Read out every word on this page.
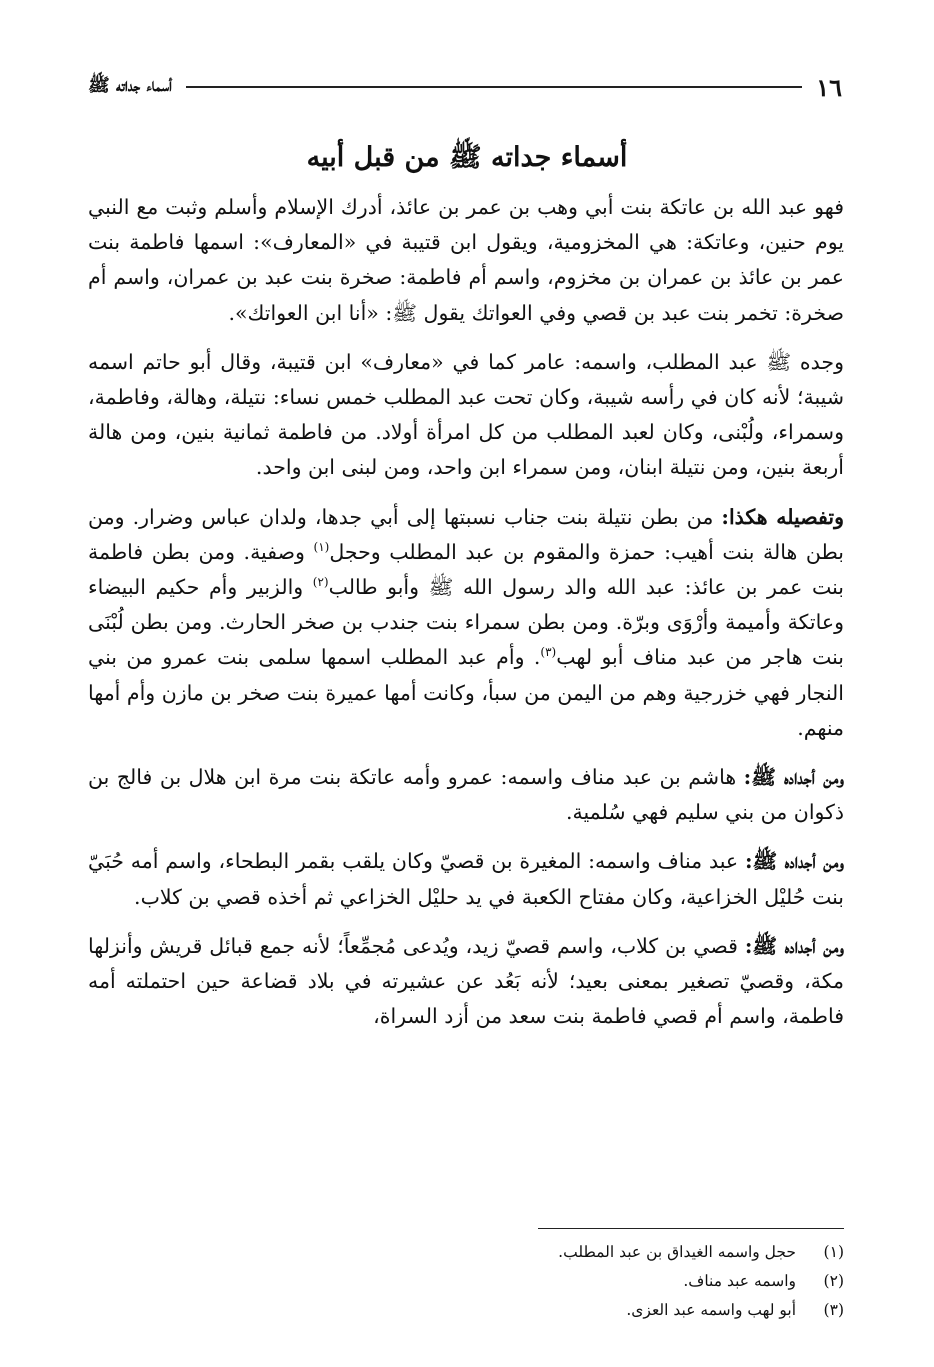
١٦
أسماء جداته ﷺ
أسماء جداته ﷺ من قبل أبيه

فهو عبد الله بن عاتكة بنت أبي وهب بن عمر بن عائذ، أدرك الإسلام وأسلم وثبت مع النبي يوم حنين، وعاتكة: هي المخزومية، ويقول ابن قتيبة في «المعارف»: اسمها فاطمة بنت عمر بن عائذ بن عمران بن مخزوم، واسم أم فاطمة: صخرة بنت عبد بن عمران، واسم أم صخرة: تخمر بنت عبد بن قصي وفي العواتك يقول ﷺ: «أنا ابن العواتك».

وجده ﷺ عبد المطلب، واسمه: عامر كما في «معارف» ابن قتيبة، وقال أبو حاتم اسمه شيبة؛ لأنه كان في رأسه شيبة، وكان تحت عبد المطلب خمس نساء: نتيلة، وهالة، وفاطمة، وسمراء، ولُبْنى، وكان لعبد المطلب من كل امرأة أولاد. من فاطمة ثمانية بنين، ومن هالة أربعة بنين، ومن نتيلة ابنان، ومن سمراء ابن واحد، ومن لبنى ابن واحد.

وتفصيله هكذا: من بطن نتيلة بنت جناب نسبتها إلى أبي جدها، ولدان عباس وضرار. ومن بطن هالة بنت أهيب: حمزة والمقوم بن عبد المطلب وحجل$^{(١)}$ وصفية. ومن بطن فاطمة بنت عمر بن عائذ: عبد الله والد رسول الله ﷺ وأبو طالب$^{(٢)}$ والزبير وأم حكيم البيضاء وعاتكة وأميمة وأرْوَى وبرّة. ومن بطن سمراء بنت جندب بن صخر الحارث. ومن بطن لُبْنَى بنت هاجر من عبد مناف أبو لهب$^{(٣)}$. وأم عبد المطلب اسمها سلمى بنت عمرو من بني النجار فهي خزرجية وهم من اليمن من سبأ، وكانت أمها عميرة بنت صخر بن مازن وأم أمها منهم.

ومن أجداده ﷺ: هاشم بن عبد مناف واسمه: عمرو وأمه عاتكة بنت مرة ابن هلال بن فالج بن ذكوان من بني سليم فهي سُلمية.

ومن أجداده ﷺ: عبد مناف واسمه: المغيرة بن قصيّ وكان يلقب بقمر البطحاء، واسم أمه حُبَيّ بنت حُليْل الخزاعية، وكان مفتاح الكعبة في يد حليْل الخزاعي ثم أخذه قصي بن كلاب.

ومن أجداده ﷺ: قصي بن كلاب، واسم قصيّ زيد، ويُدعى مُجمِّعاً؛ لأنه جمع قبائل قريش وأنزلها مكة، وقصيّ تصغير بمعنى بعيد؛ لأنه بَعُد عن عشيرته في بلاد قضاعة حين احتملته أمه فاطمة، واسم أم قصي فاطمة بنت سعد من أزد السراة،

(١)
حجل واسمه الغيداق بن عبد المطلب.
(٢)
واسمه عبد مناف.
(٣)
أبو لهب واسمه عبد العزى.
